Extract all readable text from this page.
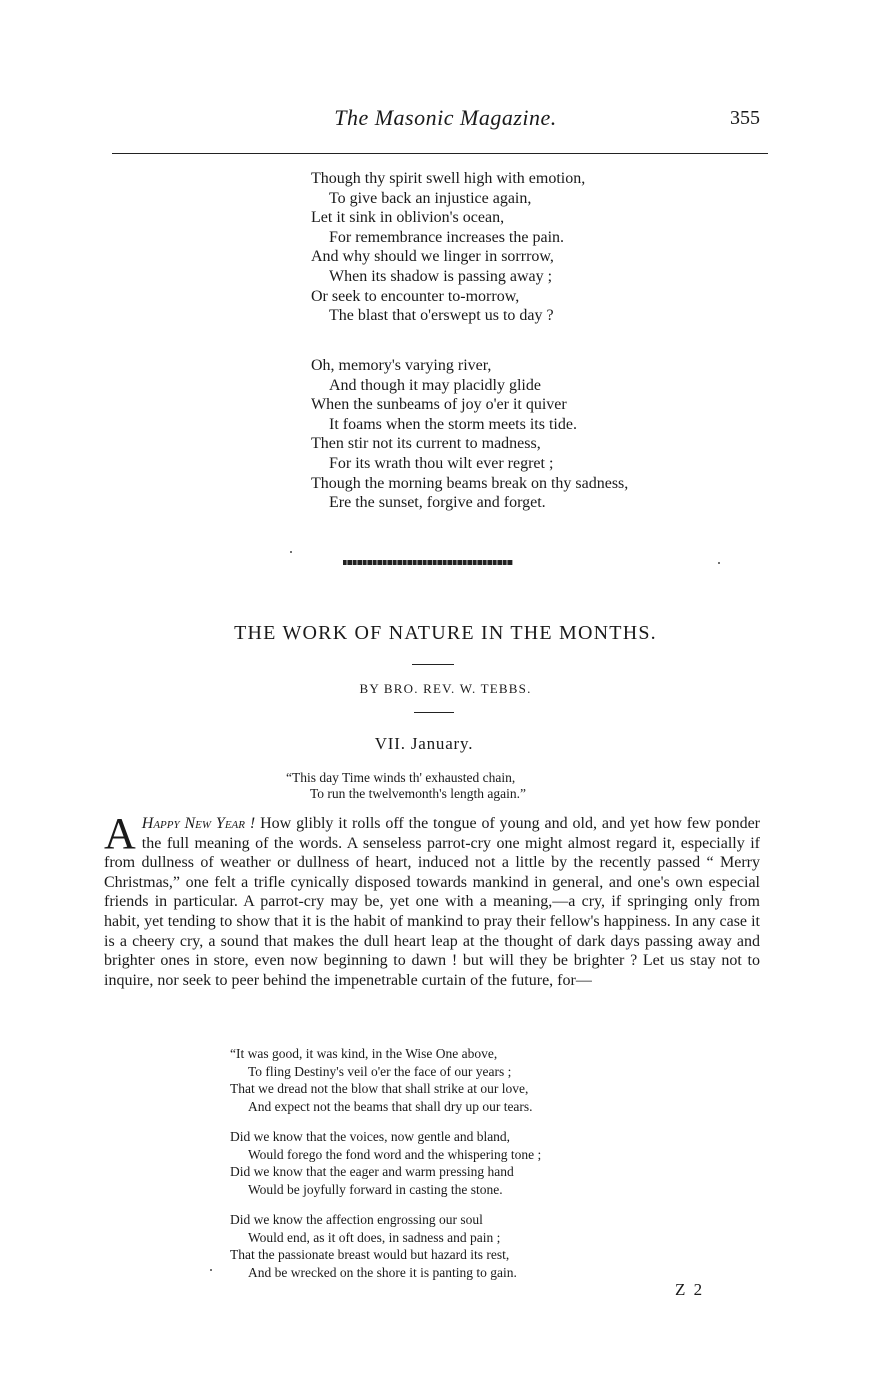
The Masonic Magazine.	355
Though thy spirit swell high with emotion,
To give back an injustice again,
Let it sink in oblivion's ocean,
For remembrance increases the pain.
And why should we linger in sorrrow,
When its shadow is passing away ;
Or seek to encounter to-morrow,
The blast that o'erswept us to day ?
Oh, memory's varying river,
And though it may placidly glide
When the sunbeams of joy o'er it quiver
It foams when the storm meets its tide.
Then stir not its current to madness,
For its wrath thou wilt ever regret ;
Though the morning beams break on thy sadness,
Ere the sunset, forgive and forget.
THE WORK OF NATURE IN THE MONTHS.
BY BRO. REV. W. TEBBS.
VII. January.
“This day Time winds th' exhausted chain,
To run the twelvemonth's length again.”
A Happy New Year ! How glibly it rolls off the tongue of young and old, and yet how few ponder the full meaning of the words. A senseless parrot-cry one might almost regard it, especially if from dullness of weather or dullness of heart, induced not a little by the recently passed “ Merry Christmas,” one felt a trifle cynically disposed towards mankind in general, and one's own especial friends in particular. A parrot-cry may be, yet one with a meaning,—a cry, if springing only from habit, yet tending to show that it is the habit of mankind to pray their fellow's happiness. In any case it is a cheery cry, a sound that makes the dull heart leap at the thought of dark days passing away and brighter ones in store, even now beginning to dawn ! but will they be brighter ? Let us stay not to inquire, nor seek to peer behind the impenetrable curtain of the future, for—
“It was good, it was kind, in the Wise One above,
To fling Destiny's veil o'er the face of our years ;
That we dread not the blow that shall strike at our love,
And expect not the beams that shall dry up our tears.
Did we know that the voices, now gentle and bland,
Would forego the fond word and the whispering tone ;
Did we know that the eager and warm pressing hand
Would be joyfully forward in casting the stone.
Did we know the affection engrossing our soul
Would end, as it oft does, in sadness and pain ;
That the passionate breast would but hazard its rest,
And be wrecked on the shore it is panting to gain.
Z 2
